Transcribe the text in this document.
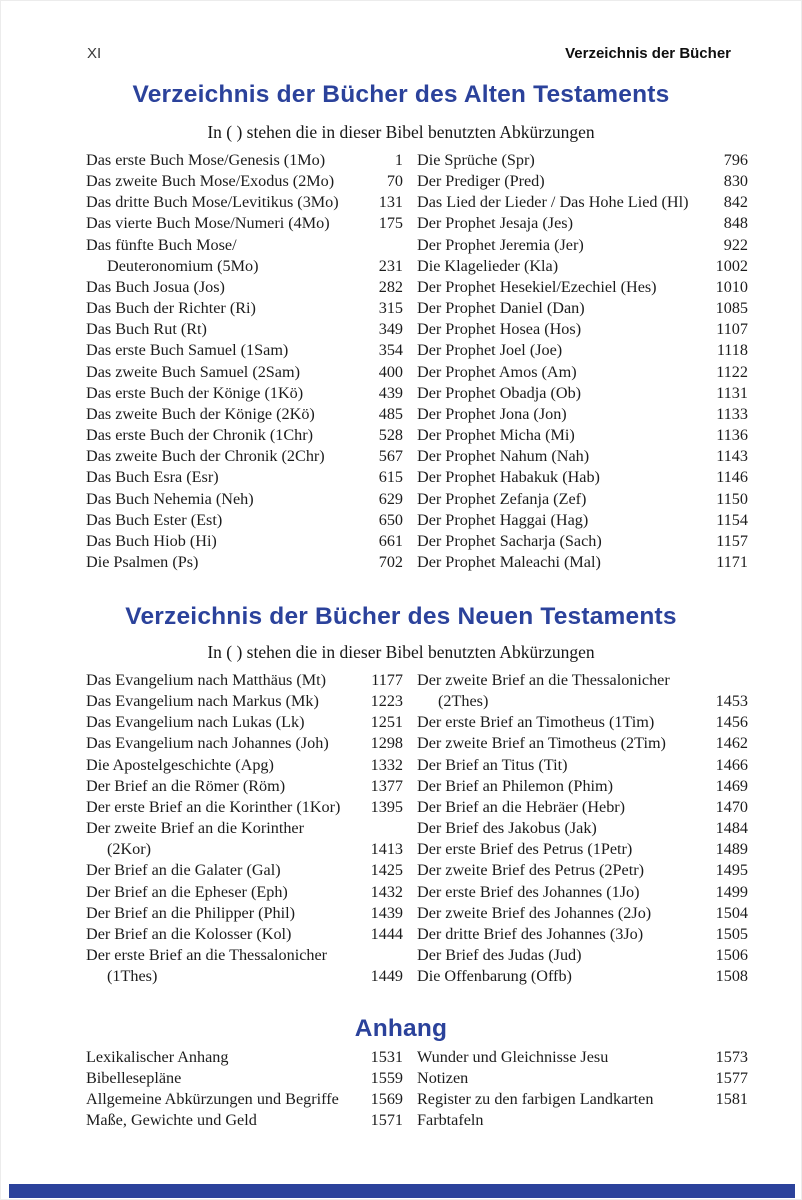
XI	Verzeichnis der Bücher
Verzeichnis der Bücher des Alten Testaments
In ( ) stehen die in dieser Bibel benutzten Abkürzungen
Das erste Buch Mose/Genesis (1Mo)	1
Das zweite Buch Mose/Exodus (2Mo)	70
Das dritte Buch Mose/Levitikus (3Mo)	131
Das vierte Buch Mose/Numeri (4Mo)	175
Das fünfte Buch Mose/
Deuteronomium (5Mo)	231
Das Buch Josua (Jos)	282
Das Buch der Richter (Ri)	315
Das Buch Rut (Rt)	349
Das erste Buch Samuel (1Sam)	354
Das zweite Buch Samuel (2Sam)	400
Das erste Buch der Könige (1Kö)	439
Das zweite Buch der Könige (2Kö)	485
Das erste Buch der Chronik (1Chr)	528
Das zweite Buch der Chronik (2Chr)	567
Das Buch Esra (Esr)	615
Das Buch Nehemia (Neh)	629
Das Buch Ester (Est)	650
Das Buch Hiob (Hi)	661
Die Psalmen (Ps)	702
Die Sprüche (Spr)	796
Der Prediger (Pred)	830
Das Lied der Lieder / Das Hohe Lied (Hl)	842
Der Prophet Jesaja (Jes)	848
Der Prophet Jeremia (Jer)	922
Die Klagelieder (Kla)	1002
Der Prophet Hesekiel/Ezechiel (Hes)	1010
Der Prophet Daniel (Dan)	1085
Der Prophet Hosea (Hos)	1107
Der Prophet Joel (Joe)	1118
Der Prophet Amos (Am)	1122
Der Prophet Obadja (Ob)	1131
Der Prophet Jona (Jon)	1133
Der Prophet Micha (Mi)	1136
Der Prophet Nahum (Nah)	1143
Der Prophet Habakuk (Hab)	1146
Der Prophet Zefanja (Zef)	1150
Der Prophet Haggai (Hag)	1154
Der Prophet Sacharja (Sach)	1157
Der Prophet Maleachi (Mal)	1171
Verzeichnis der Bücher des Neuen Testaments
In ( ) stehen die in dieser Bibel benutzten Abkürzungen
Das Evangelium nach Matthäus (Mt)	1177
Das Evangelium nach Markus (Mk)	1223
Das Evangelium nach Lukas (Lk)	1251
Das Evangelium nach Johannes (Joh)	1298
Die Apostelgeschichte (Apg)	1332
Der Brief an die Römer (Röm)	1377
Der erste Brief an die Korinther (1Kor)	1395
Der zweite Brief an die Korinther
(2Kor)	1413
Der Brief an die Galater (Gal)	1425
Der Brief an die Epheser (Eph)	1432
Der Brief an die Philipper (Phil)	1439
Der Brief an die Kolosser (Kol)	1444
Der erste Brief an die Thessalonicher
(1Thes)	1449
Der zweite Brief an die Thessalonicher
(2Thes)	1453
Der erste Brief an Timotheus (1Tim)	1456
Der zweite Brief an Timotheus (2Tim)	1462
Der Brief an Titus (Tit)	1466
Der Brief an Philemon (Phim)	1469
Der Brief an die Hebräer (Hebr)	1470
Der Brief des Jakobus (Jak)	1484
Der erste Brief des Petrus (1Petr)	1489
Der zweite Brief des Petrus (2Petr)	1495
Der erste Brief des Johannes (1Jo)	1499
Der zweite Brief des Johannes (2Jo)	1504
Der dritte Brief des Johannes (3Jo)	1505
Der Brief des Judas (Jud)	1506
Die Offenbarung (Offb)	1508
Anhang
Lexikalischer Anhang	1531
Bibellesepläne	1559
Allgemeine Abkürzungen und Begriffe	1569
Maße, Gewichte und Geld	1571
Wunder und Gleichnisse Jesu	1573
Notizen	1577
Register zu den farbigen Landkarten	1581
Farbtafeln
